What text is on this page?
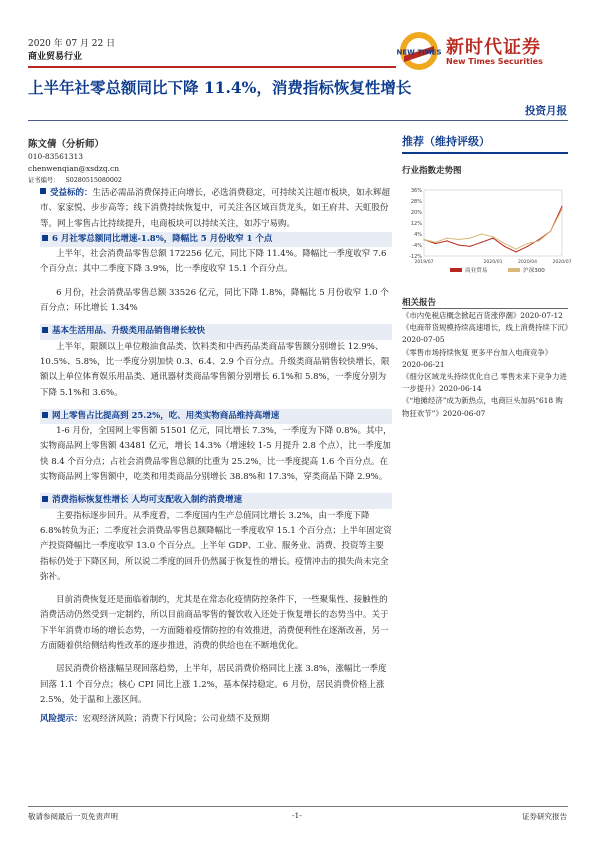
2020 年 07 月 22 日
商业贸易行业	NEW TIMES 新时代证券
New Times Securities
上半年社零总额同比下降 11.4%，消费指标恢复性增长
投资月报
陈文倩（分析师）
010-83561313
chenwenqian@xsdzq.cn
证书编号： S0280515080002
受益标的：生活必需品消费保持正向增长，必选消费稳定，可持续关注超市板块，如永辉超市、家家悦、步步高等；线下消费持续恢复中，可关注各区域百货龙头，如王府井、天虹股份等。网上零售占比持续提升，电商板块可以持续关注，如苏宁易购。
6 月社零总额同比增速-1.8%，降幅比 5 月份收窄 1 个点
上半年，社会消费品零售总额 172256 亿元，同比下降 11.4%。降幅比一季度收窄 7.6 个百分点；其中二季度下降 3.9%，比一季度收窄 15.1 个百分点。
6 月份，社会消费品零售总额 33526 亿元，同比下降 1.8%，降幅比 5 月份收窄 1.0 个百分点；环比增长 1.34%
基本生活用品、升级类用品销售增长较快
上半年，限额以上单位粮油食品类、饮料类和中西药品类商品零售额分别增长 12.9%、10.5%、5.8%，比一季度分别加快 0.3、6.4、2.9 个百分点。升级类商品销售较快增长，限额以上单位体育娱乐用品类、通讯器材类商品零售额分别增长 6.1%和 5.8%，一季度分别为下降 5.1%和 3.6%。
网上零售占比提高到 25.2%，吃、用类实物商品维持高增速
1-6 月份，全国网上零售额 51501 亿元，同比增长 7.3%，一季度为下降 0.8%。其中，实物商品网上零售额 43481 亿元，增长 14.3%（增速较 1-5 月提升 2.8 个点），比一季度加快 8.4 个百分点；占社会消费品零售总额的比重为 25.2%，比一季度提高 1.6 个百分点。在实物商品网上零售额中，吃类和用类商品分别增长 38.8%和 17.3%，穿类商品下降 2.9%。
消费指标恢复性增长 人均可支配收入制约消费增速
主要指标逐步回升。从季度看，二季度国内生产总值同比增长 3.2%，由一季度下降 6.8%转负为正；二季度社会消费品零售总额降幅比一季度收窄 15.1 个百分点；上半年固定资产投资降幅比一季度收窄 13.0 个百分点。上半年 GDP、工业、服务业、消费、投资等主要指标仍处于下降区间，所以说二季度的回升仍然属于恢复性的增长。疫情冲击的损失尚未完全弥补。
目前消费恢复还是面临着制约，尤其是在常态化疫情防控条件下，一些聚集性、接触性的消费活动仍然受到一定制约，所以目前商品零售的餐饮收入还处于恢复增长的态势当中。关于下半年消费市场的增长态势，一方面随着疫情防控的有效推进，消费便利性在逐渐改善，另一方面随着供给侧结构性改革的逐步推进，消费的供给也在不断地优化。
居民消费价格涨幅呈现回落趋势，上半年，居民消费价格同比上涨 3.8%，涨幅比一季度回落 1.1 个百分点；核心 CPI 同比上涨 1.2%，基本保持稳定。6 月份，居民消费价格上涨 2.5%，处于温和上涨区间。
风险提示：宏观经济风险；消费下行风险；公司业绩不及预期
推荐（维持评级）
行业指数走势图
36%
28%
20%
12%
4%
-4%
-12%
2019/07	2020/01	2020/04	2020/07
商业贸易	沪深300
相关报告
《市内免税店概念掀起百货涨停潮》2020-07-12
《电商带货规模持续高速增长，线上消费持续下沉》2020-07-05
《零售市场持续恢复 更多平台加入电商竞争》2020-06-21
《细分区域龙头持续优化自己 零售未来下竞争力进一步提升》2020-06-14
《“地摊经济”成为新热点，电商巨头加码“618 购物狂欢节”》2020-06-07
敬请参阅最后一页免责声明	-1-	证券研究报告
